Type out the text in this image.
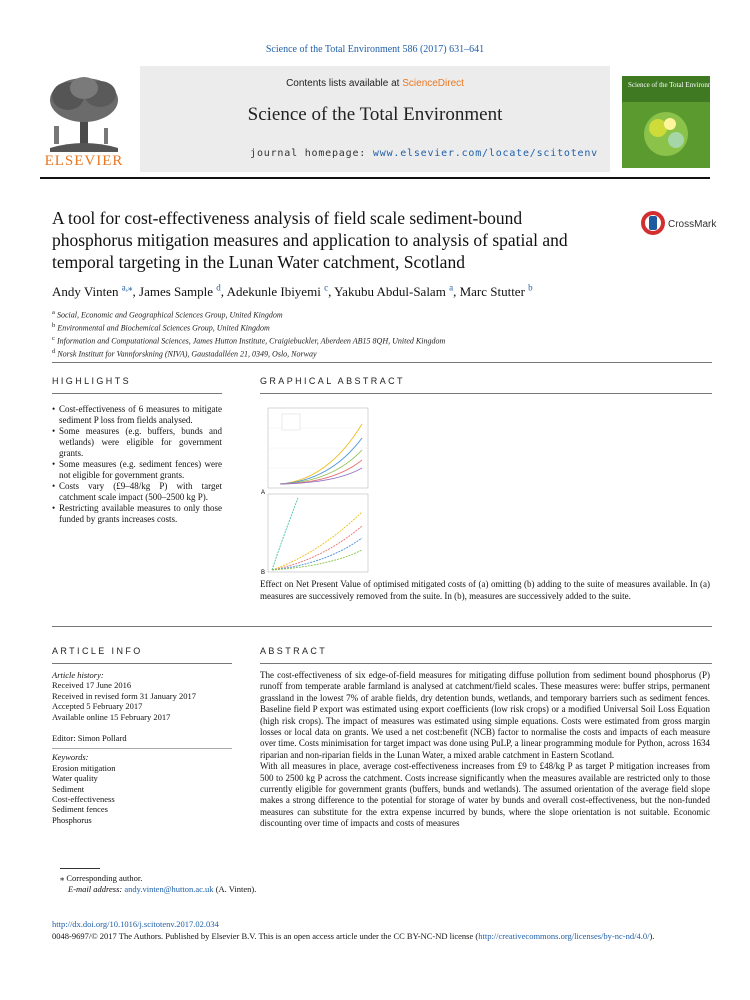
Science of the Total Environment 586 (2017) 631–641
ELSEVIER
Contents lists available at ScienceDirect
Science of the Total Environment
journal homepage: www.elsevier.com/locate/scitotenv
Science of the Total Environment
A tool for cost-effectiveness analysis of field scale sediment-bound phosphorus mitigation measures and application to analysis of spatial and temporal targeting in the Lunan Water catchment, Scotland
CrossMark
Andy Vinten $^{a,⁎}$, James Sample $^d$, Adekunle Ibiyemi $^c$, Yakubu Abdul-Salam $^a$, Marc Stutter $^b$
$^a$ Social, Economic and Geographical Sciences Group, United Kingdom
$^b$ Environmental and Biochemical Sciences Group, United Kingdom
$^c$ Information and Computational Sciences, James Hutton Institute, Craigiebuckler, Aberdeen AB15 8QH, United Kingdom
$^d$ Norsk Institutt for Vannforskning (NIVA), Gaustadalléen 21, 0349, Oslo, Norway
HIGHLIGHTS
• Cost-effectiveness of 6 measures to mitigate sediment P loss from fields analysed.
• Some measures (e.g. buffers, bunds and wetlands) were eligible for government grants.
• Some measures (e.g. sediment fences) were not eligible for government grants.
• Costs vary (£9–48/kg P) with target catchment scale impact (500–2500 kg P).
• Restricting available measures to only those funded by grants increases costs.
GRAPHICAL ABSTRACT
A
B
Effect on Net Present Value of optimised mitigated costs of (a) omitting (b) adding to the suite of measures available. In (a) measures are successively removed from the suite. In (b), measures are successively added to the suite.
ARTICLE INFO
Article history:
Received 17 June 2016
Received in revised form 31 January 2017
Accepted 5 February 2017
Available online 15 February 2017
Editor: Simon Pollard
Keywords:
Erosion mitigation
Water quality
Sediment
Cost-effectiveness
Sediment fences
Phosphorus
ABSTRACT

The cost-effectiveness of six edge-of-field measures for mitigating diffuse pollution from sediment bound phosphorus (P) runoff from temperate arable farmland is analysed at catchment/field scales. These measures were: buffer strips, permanent grassland in the lowest 7% of arable fields, dry detention bunds, wetlands, and temporary barriers such as sediment fences. Baseline field P export was estimated using export coefficients (low risk crops) or a modified Universal Soil Loss Equation (high risk crops). The impact of measures was estimated using simple equations. Costs were estimated from gross margin losses or local data on grants. We used a net cost:benefit (NCB) factor to normalise the costs and impacts of each measure over time. Costs minimisation for target impact was done using PuLP, a linear programming module for Python, across 1634 riparian and non-riparian fields in the Lunan Water, a mixed arable catchment in Eastern Scotland.

With all measures in place, average cost-effectiveness increases from £9 to £48/kg P as target P mitigation increases from 500 to 2500 kg P across the catchment. Costs increase significantly when the measures available are restricted only to those currently eligible for government grants (buffers, bunds and wetlands). The assumed orientation of the average field slope makes a strong difference to the potential for storage of water by bunds and overall cost-effectiveness, but the non-funded measures can substitute for the extra expense incurred by bunds, where the slope orientation is not suitable. Economic discounting over time of impacts and costs of measures

⁎ Corresponding author.
E-mail address: andy.vinten@hutton.ac.uk (A. Vinten).
http://dx.doi.org/10.1016/j.scitotenv.2017.02.034
0048-9697/© 2017 The Authors. Published by Elsevier B.V. This is an open access article under the CC BY-NC-ND license (http://creativecommons.org/licenses/by-nc-nd/4.0/).
